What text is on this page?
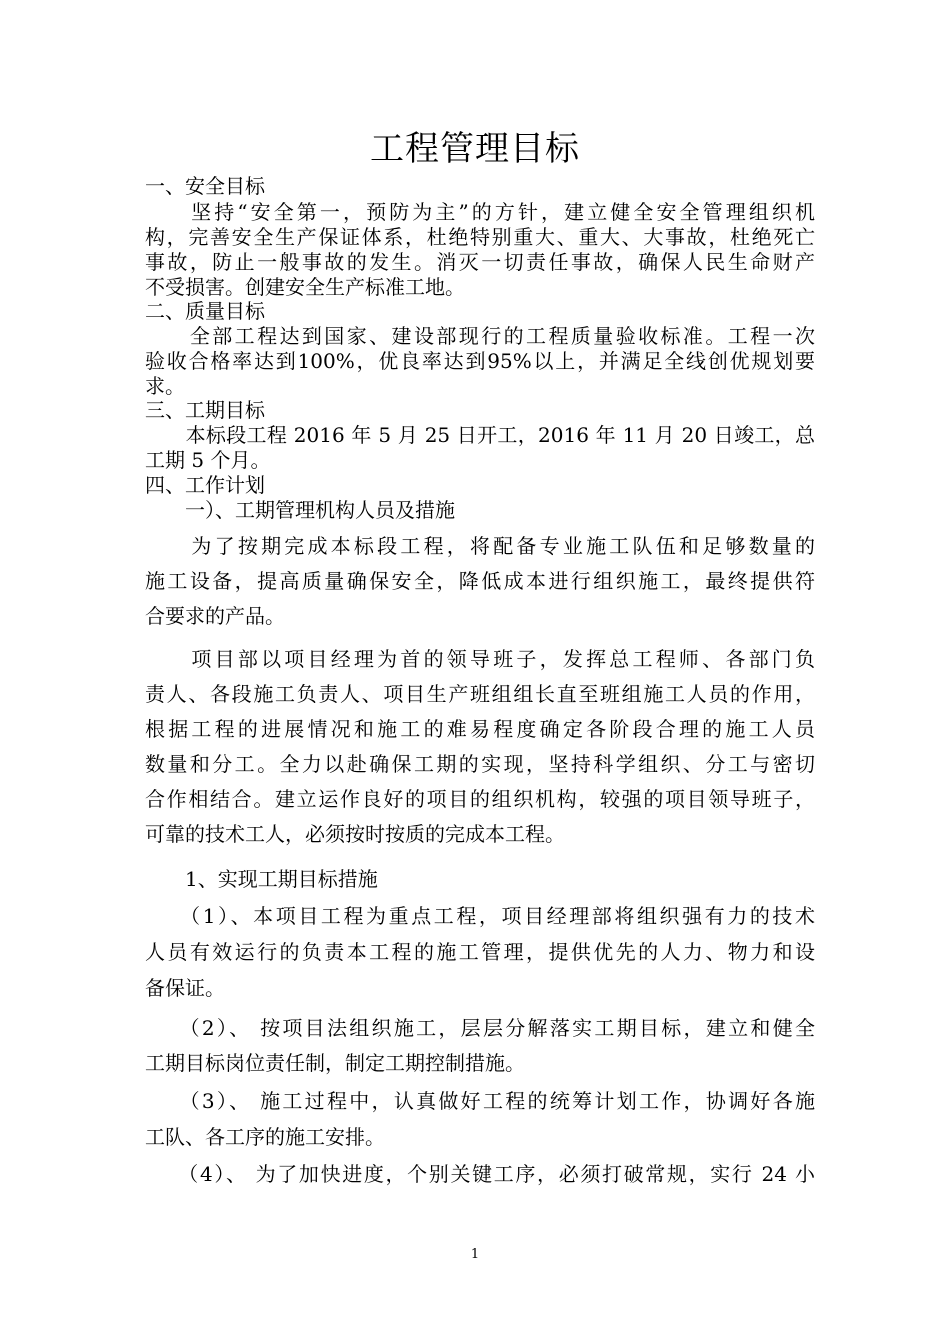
工程管理目标

一、安全目标

　　坚持“安全第一，预防为主”的方针，建立健全安全管理组织机

构，完善安全生产保证体系，杜绝特别重大、重大、大事故，杜绝死亡

事故，防止一般事故的发生。消灭一切责任事故，确保人民生命财产

不受损害。创建安全生产标准工地。

二、质量目标

　　全部工程达到国家、建设部现行的工程质量验收标准。工程一次

验收合格率达到100%，优良率达到95%以上，并满足全线创优规划要

求。

三、工期目标

　　本标段工程 2016 年 5 月 25 日开工，2016 年 11 月 20 日竣工，总

工期 5 个月。

四、工作计划

　　一）、工期管理机构人员及措施

　　为了按期完成本标段工程，将配备专业施工队伍和足够数量的

施工设备，提高质量确保安全，降低成本进行组织施工，最终提供符

合要求的产品。

　　项目部以项目经理为首的领导班子，发挥总工程师、各部门负

责人、各段施工负责人、项目生产班组组长直至班组施工人员的作用，

根据工程的进展情况和施工的难易程度确定各阶段合理的施工人员

数量和分工。全力以赴确保工期的实现，坚持科学组织、分工与密切

合作相结合。建立运作良好的项目的组织机构，较强的项目领导班子，

可靠的技术工人，必须按时按质的完成本工程。

　　1、实现工期目标措施

　　（1）、本项目工程为重点工程，项目经理部将组织强有力的技术

人员有效运行的负责本工程的施工管理，提供优先的人力、物力和设

备保证。

　　（2）、 按项目法组织施工，层层分解落实工期目标，建立和健全

工期目标岗位责任制，制定工期控制措施。

　　（3）、 施工过程中，认真做好工程的统筹计划工作，协调好各施

工队、各工序的施工安排。

　　（4）、 为了加快进度，个别关键工序，必须打破常规，实行 24 小

1
